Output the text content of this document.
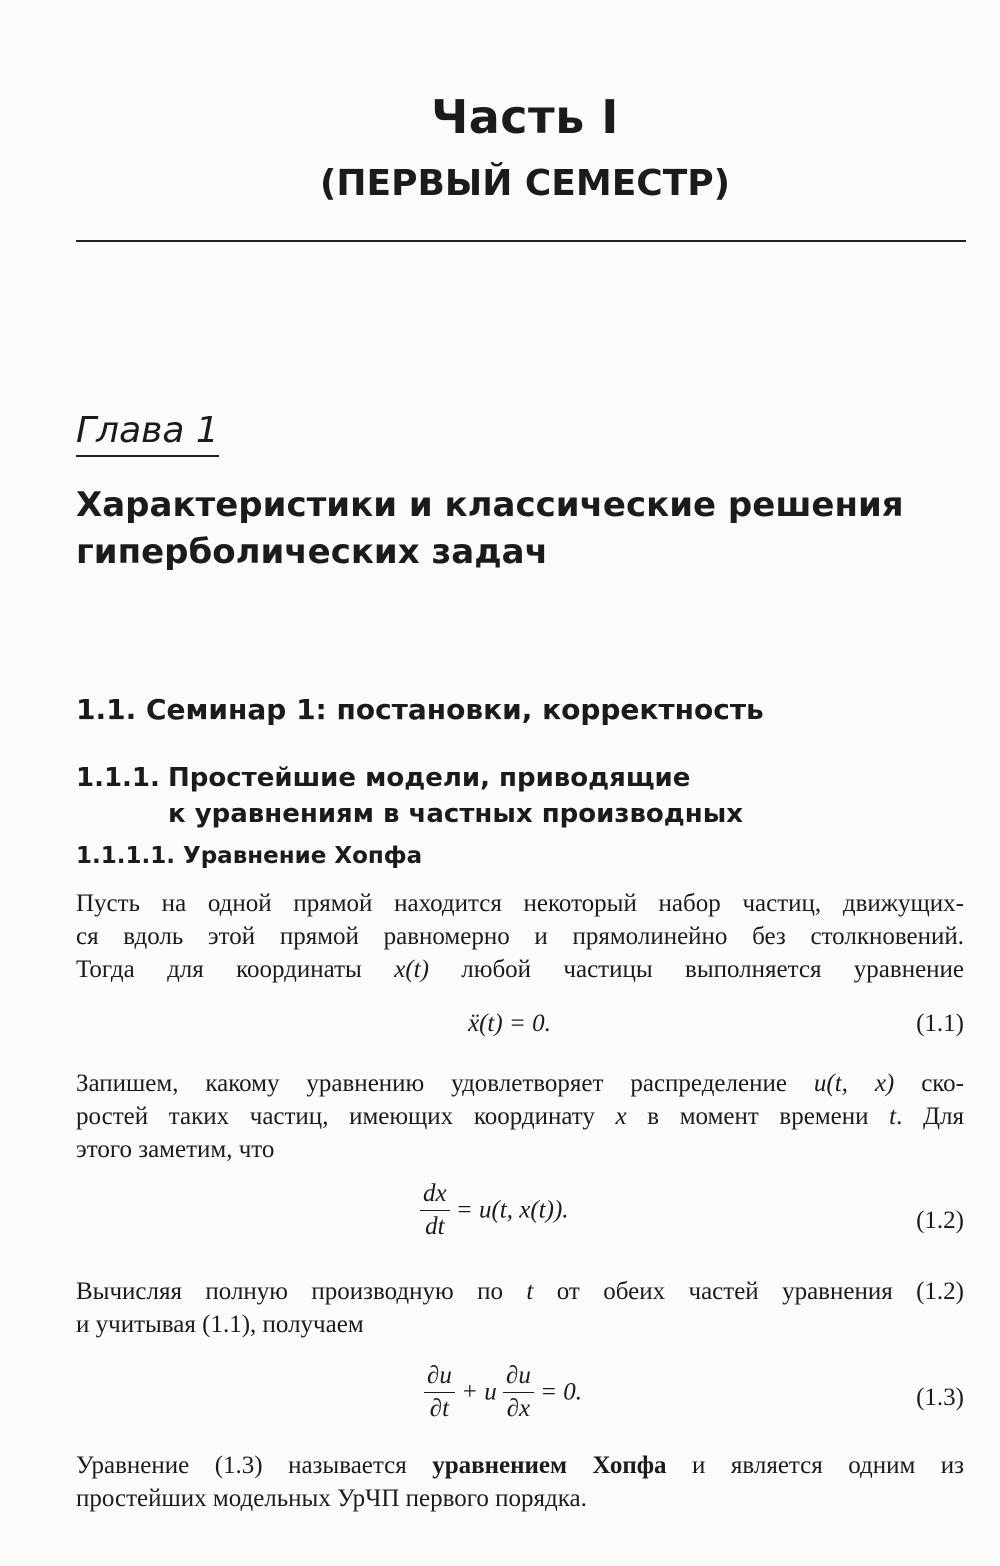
Часть I
(ПЕРВЫЙ СЕМЕСТР)
Глава 1
Характеристики и классические решения
гиперболических задач
1.1. Семинар 1: постановки, корректность
1.1.1. Простейшие модели, приводящие
к уравнениям в частных производных
1.1.1.1. Уравнение Хопфа
Пусть на одной прямой находится некоторый набор частиц, движущих-
ся вдоль этой прямой равномерно и прямолинейно без столкновений.
Тогда для координаты x(t) любой частицы выполняется уравнение
ẍ(t) = 0.	(1.1)
Запишем, какому уравнению удовлетворяет распределение u(t, x) ско-
ростей таких частиц, имеющих координату x в момент времени t. Для
этого заметим, что
$\frac{dx}{dt} = u(t$, x(t)).	(1.2)
Вычисляя полную производную по t от обеих частей уравнения (1.2)
и учитывая (1.1), получаем
$\frac{\partial u}{\partial t} + u \frac{\partial u}{\partial x} = 0$.	(1.3)
Уравнение (1.3) называется уравнением Хопфа и является одним из
простейших модельных УрЧП первого порядка.
